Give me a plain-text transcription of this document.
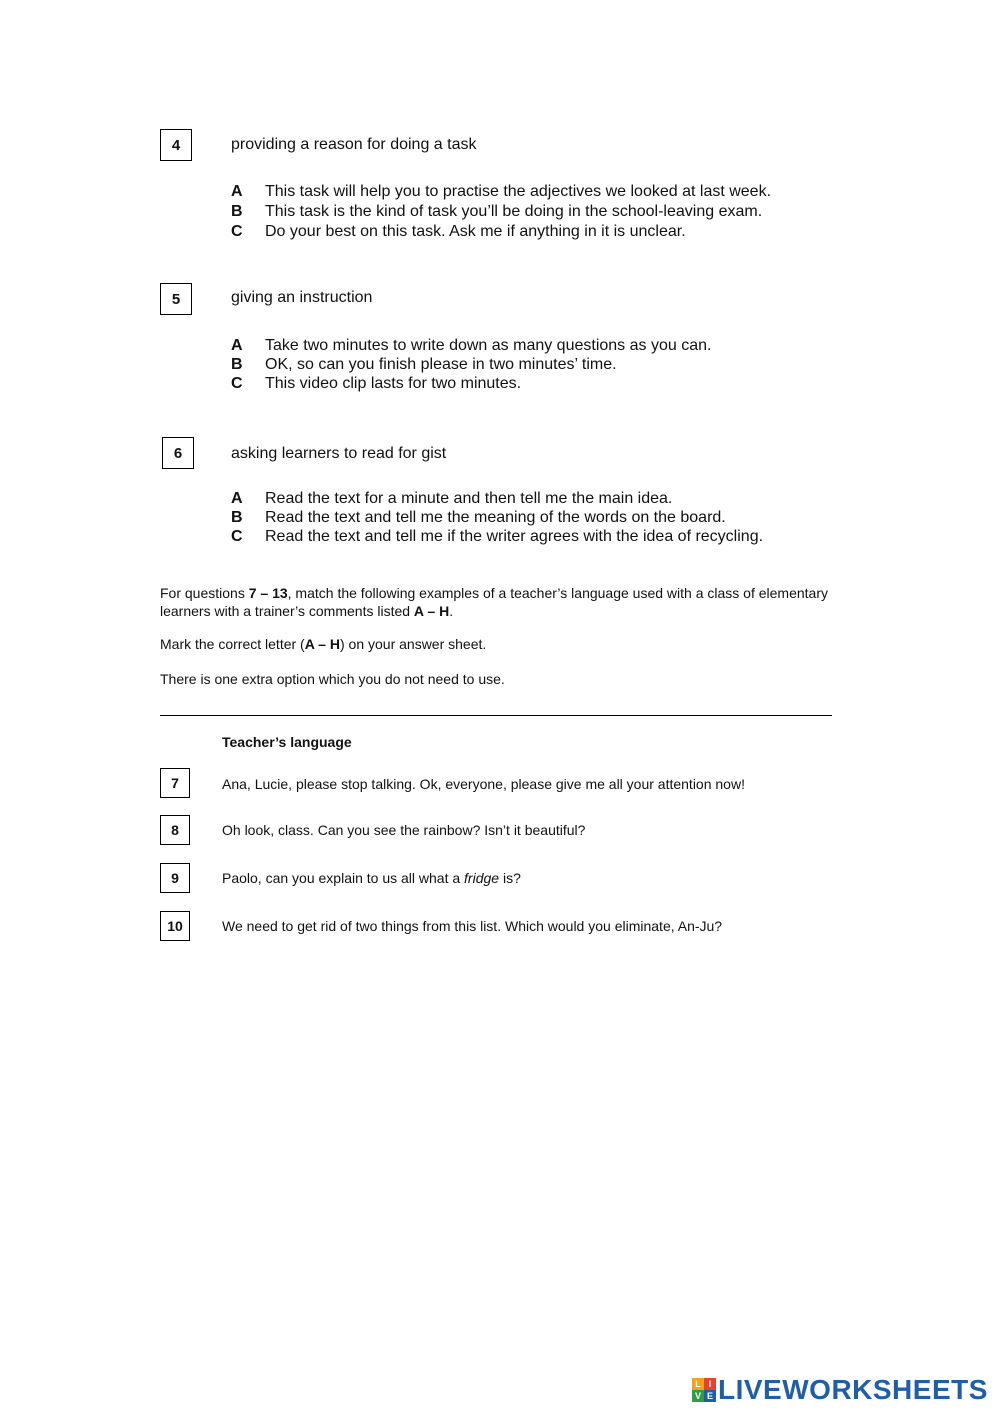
4	providing a reason for doing a task
A This task will help you to practise the adjectives we looked at last week.
B This task is the kind of task you’ll be doing in the school-leaving exam.
C Do your best on this task. Ask me if anything in it is unclear.
5	giving an instruction
A Take two minutes to write down as many questions as you can.
B OK, so can you finish please in two minutes’ time.
C This video clip lasts for two minutes.
6	asking learners to read for gist
A Read the text for a minute and then tell me the main idea.
B Read the text and tell me the meaning of the words on the board.
C Read the text and tell me if the writer agrees with the idea of recycling.
For questions 7 – 13, match the following examples of a teacher’s language used with a class of elementary learners with a trainer’s comments listed A – H.
Mark the correct letter (A – H) on your answer sheet.
There is one extra option which you do not need to use.
Teacher’s language
7	Ana, Lucie, please stop talking. Ok, everyone, please give me all your attention now!
8	Oh look, class. Can you see the rainbow? Isn’t it beautiful?
9	Paolo, can you explain to us all what a fridge is?
10	We need to get rid of two things from this list. Which would you eliminate, An-Ju?
L I
V E LIVEWORKSHEETS
